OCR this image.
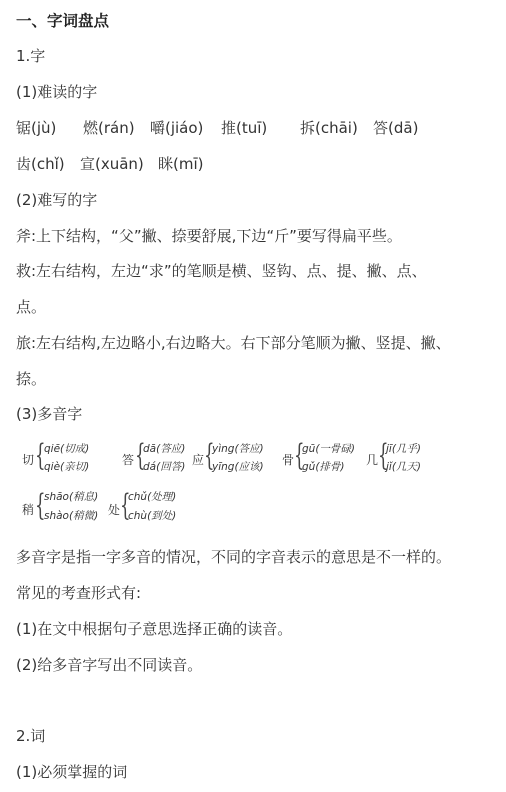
一、字词盘点
1.字
(1)难读的字
锯(jù) 燃(rán) 嚼(jiáo) 推(tuī) 拆(chāi) 答(dā)
齿(chǐ) 宣(xuān) 眯(mī)
(2)难写的字
斧:上下结构，“父”撇、捺要舒展,下边“斤”要写得扁平些。
救:左右结构，左边“求”的笔顺是横、竖钩、点、提、撇、点、
点。
旅:左右结构,左边略小,右边略大。右下部分笔顺为撇、竖提、撇、
捺。
(3)多音字
切 {
qiē(切成)
qiè(亲切)	答 {
dā(答应)
dá(回答) 应 {
yìng(答应)
yīng(应该) 骨 {
gū(一骨碌)
gǔ(排骨) 几 {
jī(几乎)
jǐ(几天)
稍 {
shāo(稍息)
shào(稍微) 处 {
chǔ(处理)
chù(到处)
多音字是指一字多音的情况，不同的字音表示的意思是不一样的。
常见的考查形式有:
(1)在文中根据句子意思选择正确的读音。
(2)给多音字写出不同读音。
2.词
(1)必须掌握的词
